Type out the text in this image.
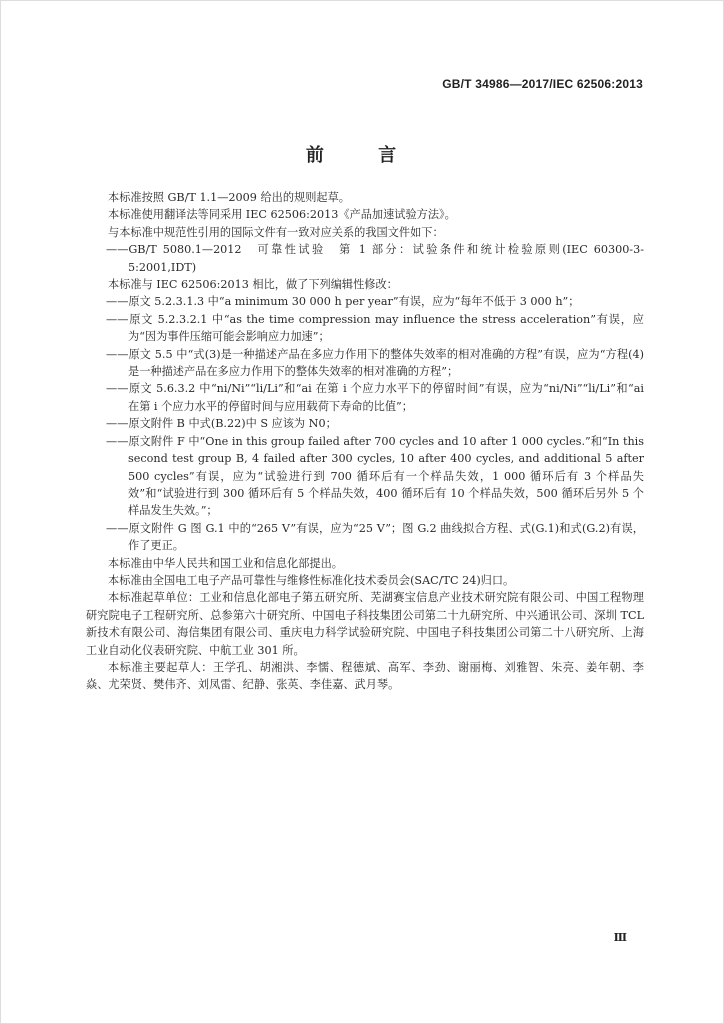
GB/T 34986—2017/IEC 62506:2013
前 言

本标准按照 GB/T 1.1—2009 给出的规则起草。

本标准使用翻译法等同采用 IEC 62506:2013《产品加速试验方法》。

与本标准中规范性引用的国际文件有一致对应关系的我国文件如下：

——GB/T 5080.1—2012　可靠性试验　第 1 部分：试验条件和统计检验原则(IEC 60300-3-5:2001,IDT)

本标准与 IEC 62506:2013 相比，做了下列编辑性修改：

——原文 5.2.3.1.3 中“a minimum 30 000 h per year”有误，应为“每年不低于 3 000 h”；

——原文 5.2.3.2.1 中“as the time compression may influence the stress acceleration”有误，应为“因为事件压缩可能会影响应力加速”；

——原文 5.5 中“式(3)是一种描述产品在多应力作用下的整体失效率的相对准确的方程”有误，应为“方程(4)是一种描述产品在多应力作用下的整体失效率的相对准确的方程”；

——原文 5.6.3.2 中“ni/Ni”“li/Li”和“ai 在第 i 个应力水平下的停留时间”有误，应为“ni/Ni”“li/Li”和“ai 在第 i 个应力水平的停留时间与应用载荷下寿命的比值”；

——原文附件 B 中式(B.22)中 S 应该为 N0；

——原文附件 F 中“One in this group failed after 700 cycles and 10 after 1 000 cycles.”和“In this second test group B, 4 failed after 300 cycles, 10 after 400 cycles, and additional 5 after 500 cycles”有误，应为“试验进行到 700 循环后有一个样品失效，1 000 循环后有 3 个样品失效”和“试验进行到 300 循环后有 5 个样品失效，400 循环后有 10 个样品失效，500 循环后另外 5 个样品发生失效。”；

——原文附件 G 图 G.1 中的“265 V”有误，应为“25 V”；图 G.2 曲线拟合方程、式(G.1)和式(G.2)有误，作了更正。

本标准由中华人民共和国工业和信息化部提出。

本标准由全国电工电子产品可靠性与维修性标准化技术委员会(SAC/TC 24)归口。

本标准起草单位：工业和信息化部电子第五研究所、芜湖赛宝信息产业技术研究院有限公司、中国工程物理研究院电子工程研究所、总参第六十研究所、中国电子科技集团公司第二十九研究所、中兴通讯公司、深圳 TCL 新技术有限公司、海信集团有限公司、重庆电力科学试验研究院、中国电子科技集团公司第二十八研究所、上海工业自动化仪表研究院、中航工业 301 所。

本标准主要起草人：王学孔、胡湘洪、李懦、程德斌、高军、李劲、谢丽梅、刘雅智、朱亮、姜年朝、李焱、尤荣贤、樊伟齐、刘凤雷、纪静、张英、李佳嘉、武月琴。

Ⅲ
